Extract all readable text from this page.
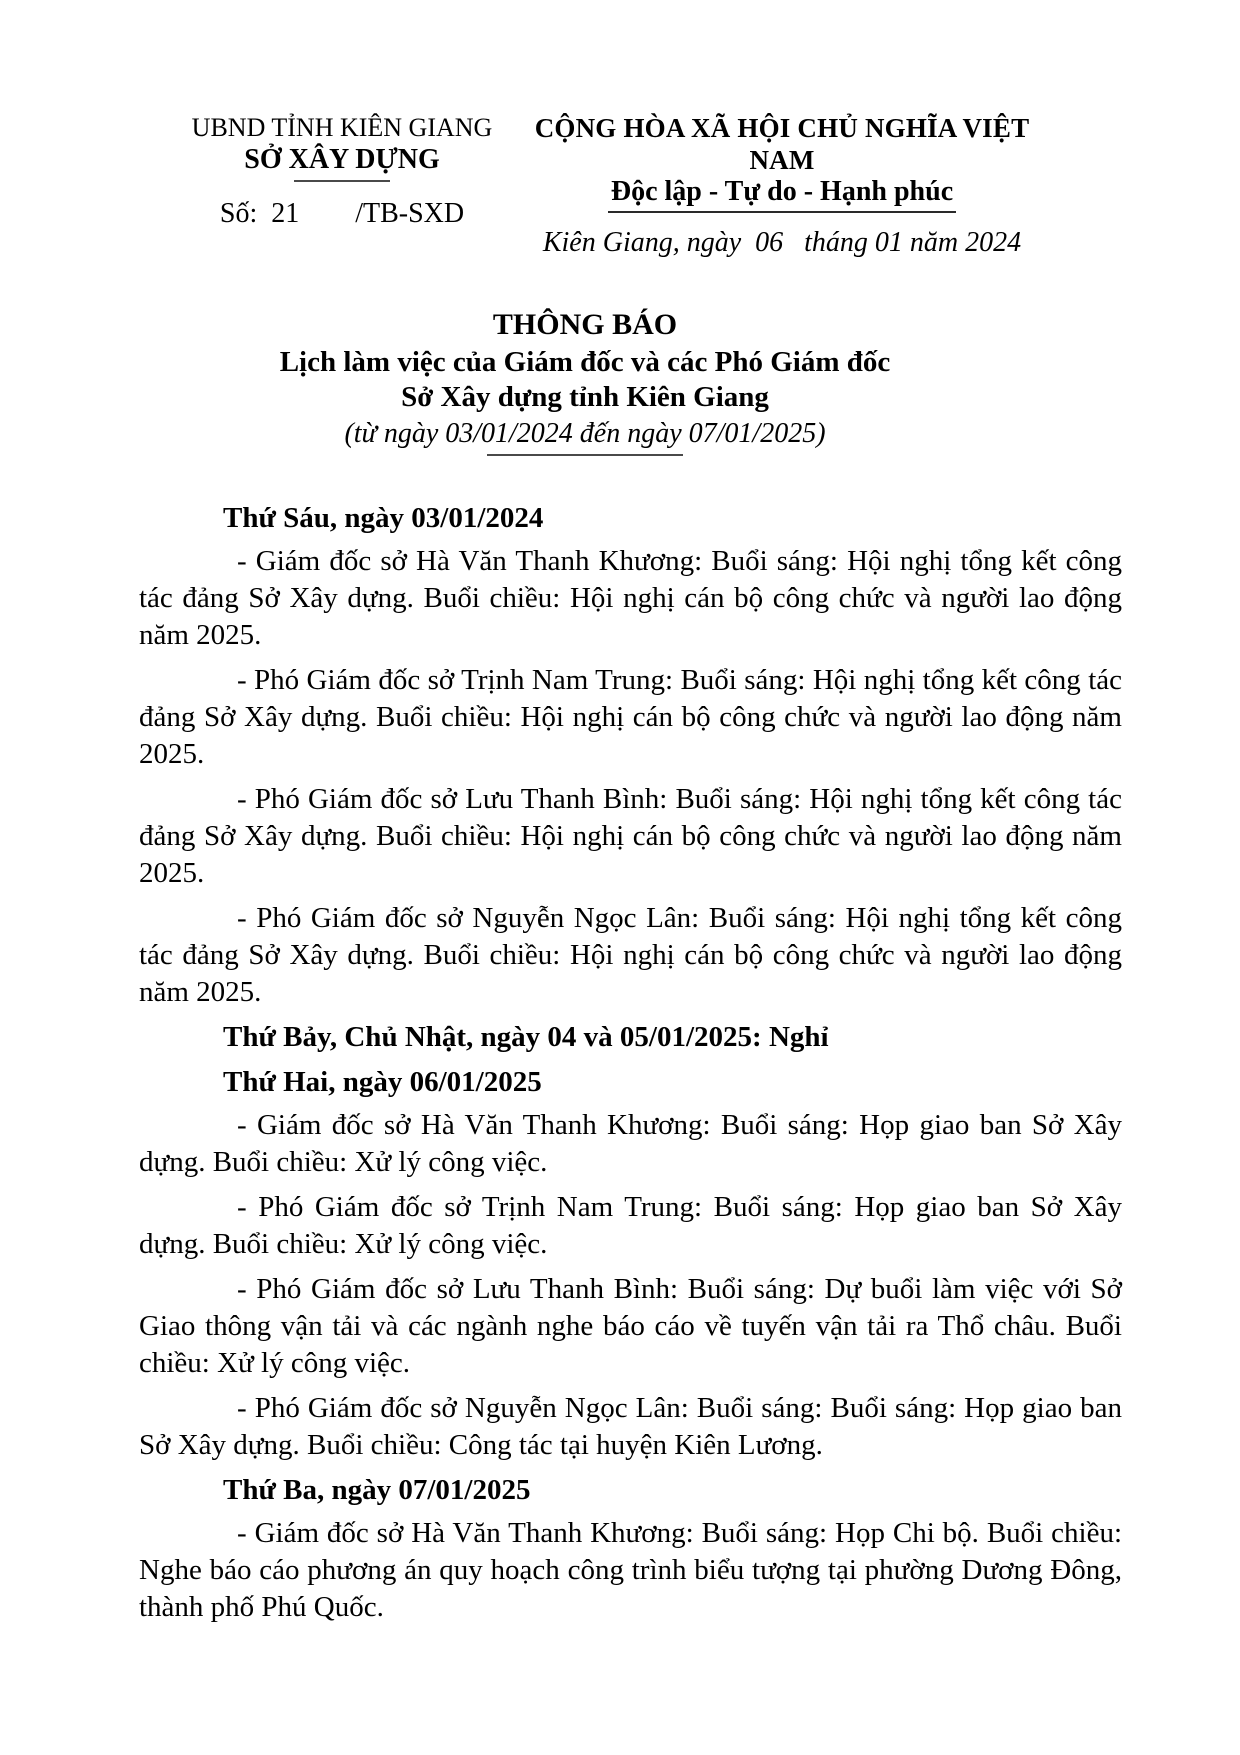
UBND TỈNH KIÊN GIANG
SỞ XÂY DỰNG
Số:  21        /TB-SXD
CỘNG HÒA XÃ HỘI CHỦ NGHĨA VIỆT NAM
Độc lập - Tự do - Hạnh phúc
Kiên Giang, ngày  06   tháng 01 năm 2024
THÔNG BÁO
Lịch làm việc của Giám đốc và các Phó Giám đốc
Sở Xây dựng tỉnh Kiên Giang
(từ ngày 03/01/2024 đến ngày 07/01/2025)
Thứ Sáu, ngày 03/01/2024

- Giám đốc sở Hà Văn Thanh Khương: Buổi sáng: Hội nghị tổng kết công tác đảng Sở Xây dựng. Buổi chiều: Hội nghị cán bộ công chức và người lao động năm 2025.

- Phó Giám đốc sở Trịnh Nam Trung: Buổi sáng: Hội nghị tổng kết công tác đảng Sở Xây dựng. Buổi chiều: Hội nghị cán bộ công chức và người lao động năm 2025.

- Phó Giám đốc sở Lưu Thanh Bình: Buổi sáng: Hội nghị tổng kết công tác đảng Sở Xây dựng. Buổi chiều: Hội nghị cán bộ công chức và người lao động năm 2025.

- Phó Giám đốc sở Nguyễn Ngọc Lân: Buổi sáng: Hội nghị tổng kết công tác đảng Sở Xây dựng. Buổi chiều: Hội nghị cán bộ công chức và người lao động năm 2025.

Thứ Bảy, Chủ Nhật, ngày 04 và 05/01/2025: Nghỉ
Thứ Hai, ngày 06/01/2025

- Giám đốc sở Hà Văn Thanh Khương: Buổi sáng: Họp giao ban Sở Xây dựng. Buổi chiều: Xử lý công việc.

- Phó Giám đốc sở Trịnh Nam Trung: Buổi sáng: Họp giao ban Sở Xây dựng. Buổi chiều: Xử lý công việc.

- Phó Giám đốc sở Lưu Thanh Bình: Buổi sáng: Dự buổi làm việc với Sở Giao thông vận tải và các ngành nghe báo cáo về tuyến vận tải ra Thổ châu. Buổi chiều: Xử lý công việc.

- Phó Giám đốc sở Nguyễn Ngọc Lân: Buổi sáng: Buổi sáng: Họp giao ban Sở Xây dựng. Buổi chiều: Công tác tại huyện Kiên Lương.

Thứ Ba, ngày 07/01/2025

- Giám đốc sở Hà Văn Thanh Khương: Buổi sáng: Họp Chi bộ. Buổi chiều: Nghe báo cáo phương án quy hoạch công trình biểu tượng tại phường Dương Đông, thành phố Phú Quốc.
